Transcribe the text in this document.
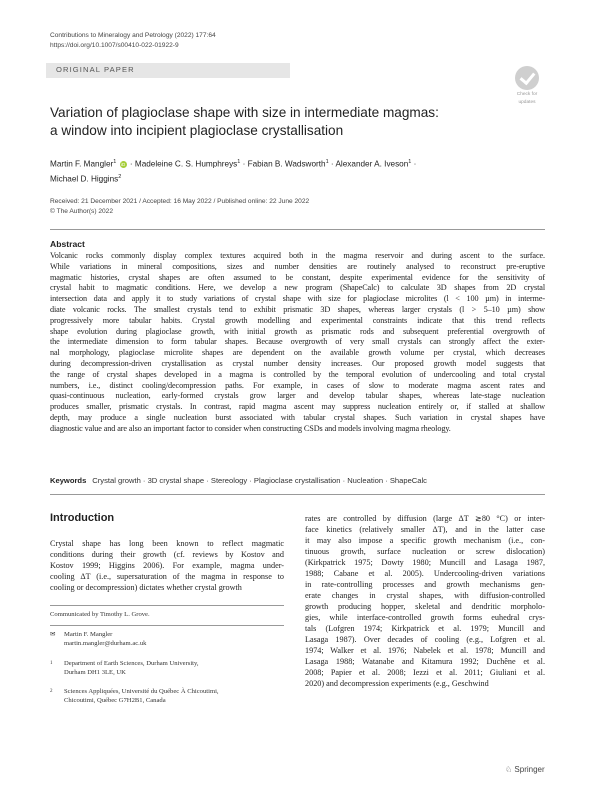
Contributions to Mineralogy and Petrology (2022) 177:64
https://doi.org/10.1007/s00410-022-01922-9
ORIGINAL PAPER
Check for
updates
Variation of plagioclase shape with size in intermediate magmas:
a window into incipient plagioclase crystallisation
Martin F. Mangler$^1$ iD · Madeleine C. S. Humphreys$^1$ · Fabian B. Wadsworth$^1$ · Alexander A. Iveson$^1$ ·
Michael D. Higgins$^2$
Received: 21 December 2021 / Accepted: 16 May 2022 / Published online: 22 June 2022
© The Author(s) 2022
Abstract
Volcanic rocks commonly display complex textures acquired both in the magma reservoir and during ascent to the surface.
While variations in mineral compositions, sizes and number densities are routinely analysed to reconstruct pre-eruptive
magmatic histories, crystal shapes are often assumed to be constant, despite experimental evidence for the sensitivity of
crystal habit to magmatic conditions. Here, we develop a new program (ShapeCalc) to calculate 3D shapes from 2D crystal
intersection data and apply it to study variations of crystal shape with size for plagioclase microlites (l < 100 µm) in interme-
diate volcanic rocks. The smallest crystals tend to exhibit prismatic 3D shapes, whereas larger crystals (l > 5–10 µm) show
progressively more tabular habits. Crystal growth modelling and experimental constraints indicate that this trend reflects
shape evolution during plagioclase growth, with initial growth as prismatic rods and subsequent preferential overgrowth of
the intermediate dimension to form tabular shapes. Because overgrowth of very small crystals can strongly affect the exter-
nal morphology, plagioclase microlite shapes are dependent on the available growth volume per crystal, which decreases
during decompression-driven crystallisation as crystal number density increases. Our proposed growth model suggests that
the range of crystal shapes developed in a magma is controlled by the temporal evolution of undercooling and total crystal
numbers, i.e., distinct cooling/decompression paths. For example, in cases of slow to moderate magma ascent rates and
quasi-continuous nucleation, early-formed crystals grow larger and develop tabular shapes, whereas late-stage nucleation
produces smaller, prismatic crystals. In contrast, rapid magma ascent may suppress nucleation entirely or, if stalled at shallow
depth, may produce a single nucleation burst associated with tabular crystal shapes. Such variation in crystal shapes have
diagnostic value and are also an important factor to consider when constructing CSDs and models involving magma rheology.
Keywords Crystal growth · 3D crystal shape · Stereology · Plagioclase crystallisation · Nucleation · ShapeCalc
Introduction
Crystal shape has long been known to reflect magmatic
conditions during their growth (cf. reviews by Kostov and
Kostov 1999; Higgins 2006). For example, magma under-
cooling ΔT (i.e., supersaturation of the magma in response to
cooling or decompression) dictates whether crystal growth
rates are controlled by diffusion (large ΔT ≳80 °C) or inter-
face kinetics (relatively smaller ΔT), and in the latter case
it may also impose a specific growth mechanism (i.e., con-
tinuous growth, surface nucleation or screw dislocation)
(Kirkpatrick 1975; Dowty 1980; Muncill and Lasaga 1987,
1988; Cabane et al. 2005). Undercooling-driven variations
in rate-controlling processes and growth mechanisms gen-
erate changes in crystal shapes, with diffusion-controlled
growth producing hopper, skeletal and dendritic morpholo-
gies, while interface-controlled growth forms euhedral crys-
tals (Lofgren 1974; Kirkpatrick et al. 1979; Muncill and
Lasaga 1987). Over decades of cooling (e.g., Lofgren et al.
1974; Walker et al. 1976; Nabelek et al. 1978; Muncill and
Lasaga 1988; Watanabe and Kitamura 1992; Duchêne et al.
2008; Papier et al. 2008; Iezzi et al. 2011; Giuliani et al.
2020) and decompression experiments (e.g., Geschwind
Communicated by Timothy L. Grove.
✉ Martin F. Mangler
martin.mangler@durham.ac.uk
$^1$ Department of Earth Sciences, Durham University,
Durham DH1 3LE, UK
$^2$ Sciences Appliquées, Université du Québec À Chicoutimi,
Chicoutimi, Québec G7H2B1, Canada
♘ Springer
